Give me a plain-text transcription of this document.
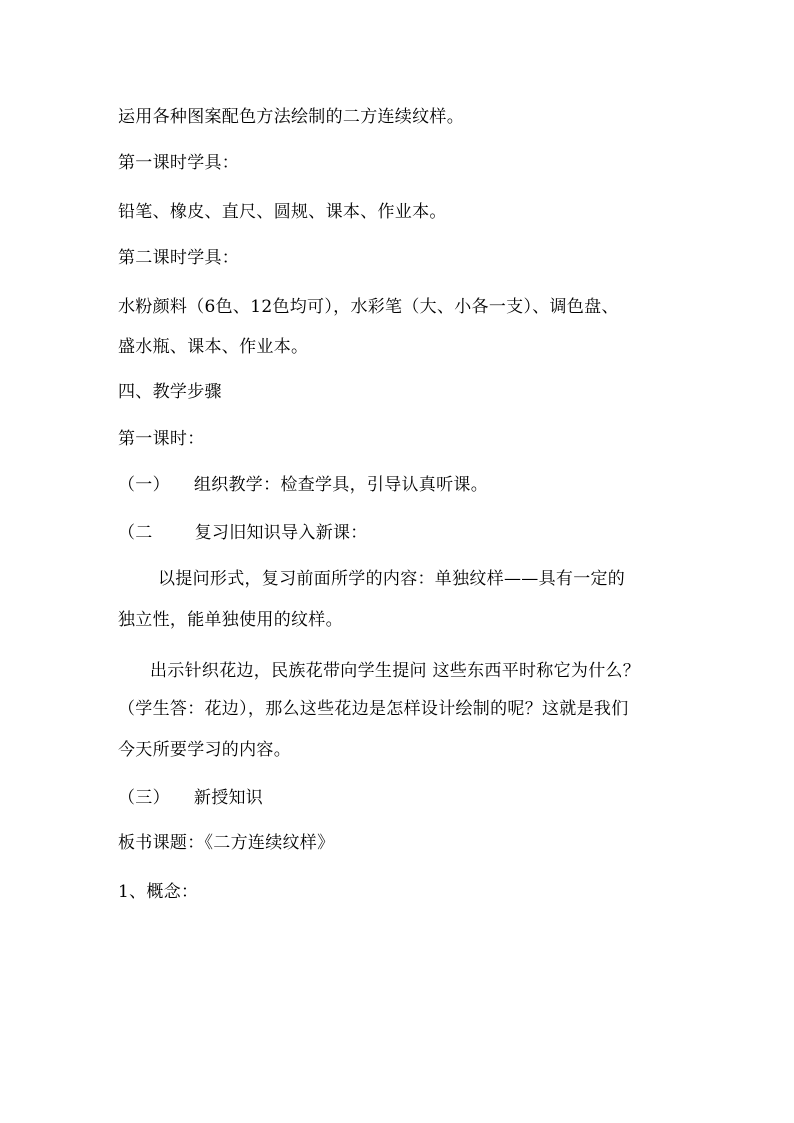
运用各种图案配色方法绘制的二方连续纹样。
第一课时学具：
铅笔、橡皮、直尺、圆规、课本、作业本。
第二课时学具：
水粉颜料（6色、12色均可），水彩笔（大、小各一支）、调色盘、
盛水瓶、课本、作业本。
四、教学步骤
第一课时：
（一） 组织教学：检查学具，引导认真听课。
（二 复习旧知识导入新课：
以提问形式，复习前面所学的内容：单独纹样——具有一定的
独立性，能单独使用的纹样。
出示针织花边，民族花带向学生提问 这些东西平时称它为什么？
（学生答：花边），那么这些花边是怎样设计绘制的呢？这就是我们
今天所要学习的内容。
（三） 新授知识
板书课题：《二方连续纹样》
1、概念：
